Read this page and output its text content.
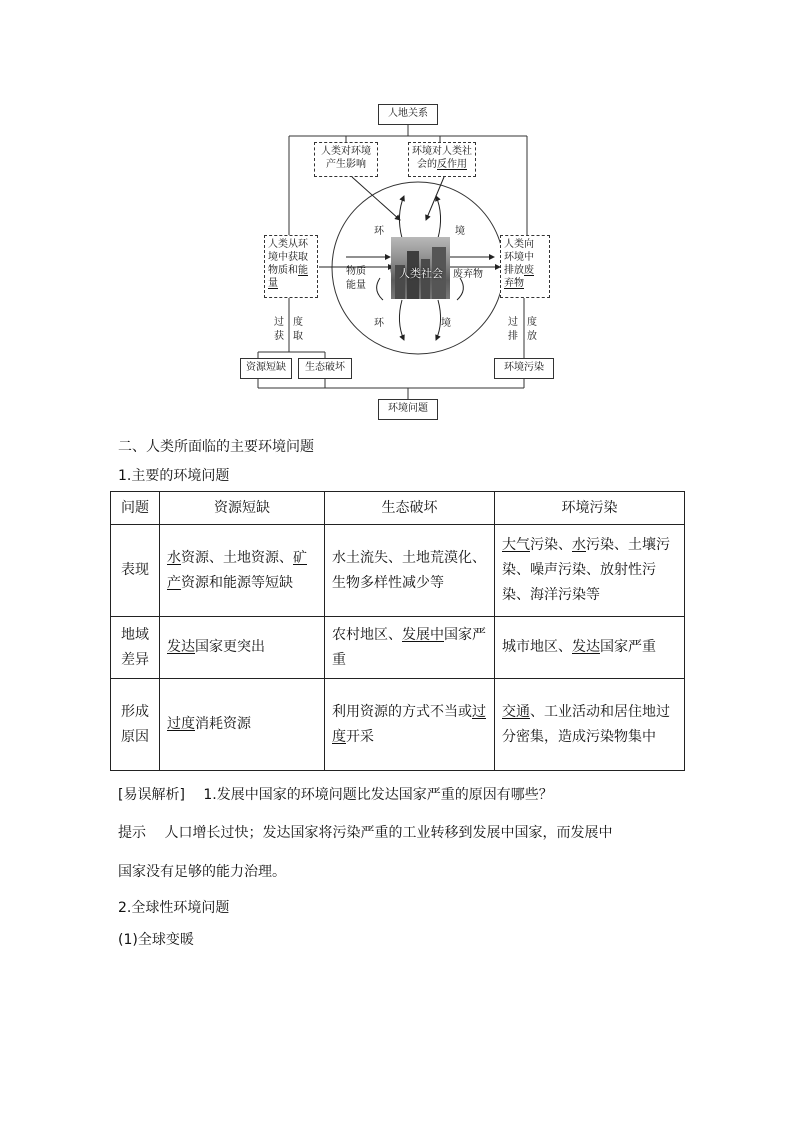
人地关系
人类对环境
产生影响
环境对人类社
会的反作用
人类从环
境中获取
物质和能
量
人类向
环境中
排放废
弃物
环	境
环	境
物质
能量
废弃物
人类社会
过 度
获 取
过 度
排 放
资源短缺	生态破坏	环境污染
环境问题
二、人类所面临的主要环境问题
1.主要的环境问题
问题	资源短缺	生态破坏	环境污染
表现	水资源、土地资源、矿
产资源和能源等短缺	水土流失、土地荒漠化、生物多样性减少等	大气污染、水污染、土壤污染、噪声污染、放射性污染、海洋污染等
地域差异	发达国家更突出	农村地区、发展中国家严重	城市地区、发达国家严重
形成原因	过度消耗资源	利用资源的方式不当或过度开采	交通、工业活动和居住地过分密集，造成污染物集中
[易误解析] 1.发展中国家的环境问题比发达国家严重的原因有哪些？
提示 人口增长过快；发达国家将污染严重的工业转移到发展中国家，而发展中
国家没有足够的能力治理。
2.全球性环境问题
(1)全球变暖
